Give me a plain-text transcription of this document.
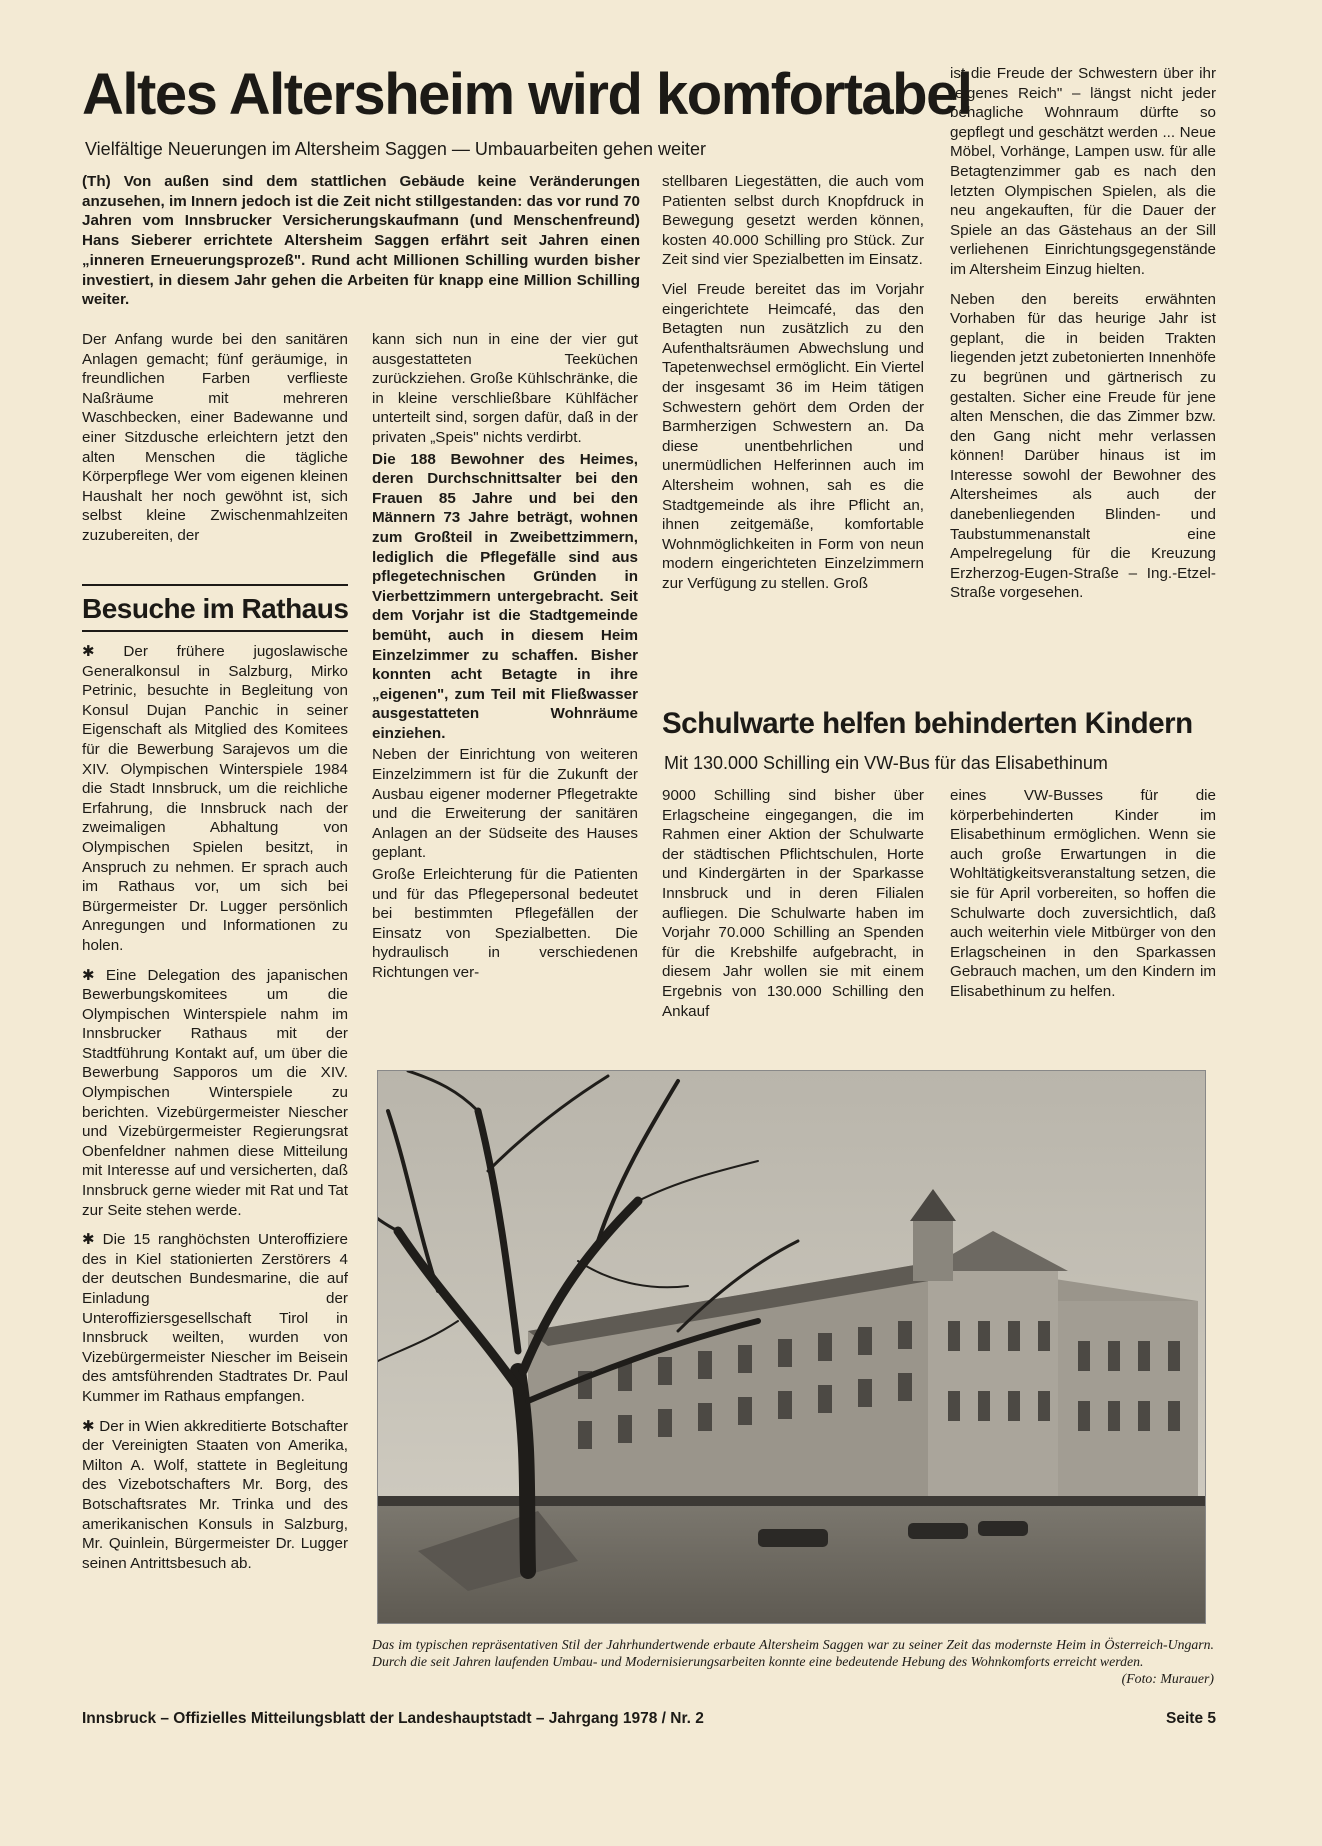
Altes Altersheim wird komfortabel
Vielfältige Neuerungen im Altersheim Saggen — Umbauarbeiten gehen weiter
(Th) Von außen sind dem stattlichen Gebäude keine Veränderungen anzusehen, im Innern jedoch ist die Zeit nicht stillgestanden: das vor rund 70 Jahren vom Innsbrucker Versicherungskaufmann (und Menschenfreund) Hans Sieberer errichtete Altersheim Saggen erfährt seit Jahren einen „inneren Erneuerungsprozeß". Rund acht Millionen Schilling wurden bisher investiert, in diesem Jahr gehen die Arbeiten für knapp eine Million Schilling weiter.

Der Anfang wurde bei den sanitären Anlagen gemacht; fünf geräumige, in freundlichen Farben verflieste Naßräume mit mehreren Waschbecken, einer Badewanne und einer Sitzdusche erleichtern jetzt den alten Menschen die tägliche Körperpflege Wer vom eigenen kleinen Haushalt her noch gewöhnt ist, sich selbst kleine Zwischenmahlzeiten zuzubereiten, der

kann sich nun in eine der vier gut ausgestatteten Teeküchen zurückziehen. Große Kühlschränke, die in kleine verschließbare Kühlfächer unterteilt sind, sorgen dafür, daß in der privaten „Speis" nichts verdirbt.

Die 188 Bewohner des Heimes, deren Durchschnittsalter bei den Frauen 85 Jahre und bei den Männern 73 Jahre beträgt, wohnen zum Großteil in Zweibettzimmern, lediglich die Pflegefälle sind aus pflegetechnischen Gründen in Vierbettzimmern untergebracht. Seit dem Vorjahr ist die Stadtgemeinde bemüht, auch in diesem Heim Einzelzimmer zu schaffen. Bisher konnten acht Betagte in ihre „eigenen", zum Teil mit Fließwasser ausgestatteten Wohnräume einziehen.

Neben der Einrichtung von weiteren Einzelzimmern ist für die Zukunft der Ausbau eigener moderner Pflegetrakte und die Erweiterung der sanitären Anlagen an der Südseite des Hauses geplant.

Große Erleichterung für die Patienten und für das Pflegepersonal bedeutet bei bestimmten Pflegefällen der Einsatz von Spezialbetten. Die hydraulisch in verschiedenen Richtungen ver-

stellbaren Liegestätten, die auch vom Patienten selbst durch Knopfdruck in Bewegung gesetzt werden können, kosten 40.000 Schilling pro Stück. Zur Zeit sind vier Spezialbetten im Einsatz.

Viel Freude bereitet das im Vorjahr eingerichtete Heimcafé, das den Betagten nun zusätzlich zu den Aufenthaltsräumen Abwechslung und Tapetenwechsel ermöglicht. Ein Viertel der insgesamt 36 im Heim tätigen Schwestern gehört dem Orden der Barmherzigen Schwestern an. Da diese unentbehrlichen und unermüdlichen Helferinnen auch im Altersheim wohnen, sah es die Stadtgemeinde als ihre Pflicht an, ihnen zeitgemäße, komfortable Wohnmöglichkeiten in Form von neun modern eingerichteten Einzelzimmern zur Verfügung zu stellen. Groß

ist die Freude der Schwestern über ihr „eigenes Reich" – längst nicht jeder behagliche Wohnraum dürfte so gepflegt und geschätzt werden ... Neue Möbel, Vorhänge, Lampen usw. für alle Betagtenzimmer gab es nach den letzten Olympischen Spielen, als die neu angekauften, für die Dauer der Spiele an das Gästehaus an der Sill verliehenen Einrichtungsgegenstände im Altersheim Einzug hielten.

Neben den bereits erwähnten Vorhaben für das heurige Jahr ist geplant, die in beiden Trakten liegenden jetzt zubetonierten Innenhöfe zu begrünen und gärtnerisch zu gestalten. Sicher eine Freude für jene alten Menschen, die das Zimmer bzw. den Gang nicht mehr verlassen können! Darüber hinaus ist im Interesse sowohl der Bewohner des Altersheimes als auch der danebenliegenden Blinden- und Taubstummenanstalt eine Ampelregelung für die Kreuzung Erzherzog-Eugen-Straße – Ing.-Etzel-Straße vorgesehen.

Besuche im Rathaus

✱ Der frühere jugoslawische Generalkonsul in Salzburg, Mirko Petrinic, besuchte in Begleitung von Konsul Dujan Panchic in seiner Eigenschaft als Mitglied des Komitees für die Bewerbung Sarajevos um die XIV. Olympischen Winterspiele 1984 die Stadt Innsbruck, um die reichliche Erfahrung, die Innsbruck nach der zweimaligen Abhaltung von Olympischen Spielen besitzt, in Anspruch zu nehmen. Er sprach auch im Rathaus vor, um sich bei Bürgermeister Dr. Lugger persönlich Anregungen und Informationen zu holen.

✱ Eine Delegation des japanischen Bewerbungskomitees um die Olympischen Winterspiele nahm im Innsbrucker Rathaus mit der Stadtführung Kontakt auf, um über die Bewerbung Sapporos um die XIV. Olympischen Winterspiele zu berichten. Vizebürgermeister Niescher und Vizebürgermeister Regierungsrat Obenfeldner nahmen diese Mitteilung mit Interesse auf und versicherten, daß Innsbruck gerne wieder mit Rat und Tat zur Seite stehen werde.

✱ Die 15 ranghöchsten Unteroffiziere des in Kiel stationierten Zerstörers 4 der deutschen Bundesmarine, die auf Einladung der Unteroffiziersgesellschaft Tirol in Innsbruck weilten, wurden von Vizebürgermeister Niescher im Beisein des amtsführenden Stadtrates Dr. Paul Kummer im Rathaus empfangen.

✱ Der in Wien akkreditierte Botschafter der Vereinigten Staaten von Amerika, Milton A. Wolf, stattete in Begleitung des Vizebotschafters Mr. Borg, des Botschaftsrates Mr. Trinka und des amerikanischen Konsuls in Salzburg, Mr. Quinlein, Bürgermeister Dr. Lugger seinen Antrittsbesuch ab.

Schulwarte helfen behinderten Kindern
Mit 130.000 Schilling ein VW-Bus für das Elisabethinum

9000 Schilling sind bisher über Erlagscheine eingegangen, die im Rahmen einer Aktion der Schulwarte der städtischen Pflichtschulen, Horte und Kindergärten in der Sparkasse Innsbruck und in deren Filialen aufliegen. Die Schulwarte haben im Vorjahr 70.000 Schilling an Spenden für die Krebshilfe aufgebracht, in diesem Jahr wollen sie mit einem Ergebnis von 130.000 Schilling den Ankauf

eines VW-Busses für die körperbehinderten Kinder im Elisabethinum ermöglichen. Wenn sie auch große Erwartungen in die Wohltätigkeitsveranstaltung setzen, die sie für April vorbereiten, so hoffen die Schulwarte doch zuversichtlich, daß auch weiterhin viele Mitbürger von den Erlagscheinen in den Sparkassen Gebrauch machen, um den Kindern im Elisabethinum zu helfen.

Das im typischen repräsentativen Stil der Jahrhundertwende erbaute Altersheim Saggen war zu seiner Zeit das modernste Heim in Österreich-Ungarn. Durch die seit Jahren laufenden Umbau- und Modernisierungsarbeiten konnte eine bedeutende Hebung des Wohnkomforts erreicht werden.
(Foto: Murauer)
Innsbruck – Offizielles Mitteilungsblatt der Landeshauptstadt – Jahrgang 1978 / Nr. 2	Seite 5
